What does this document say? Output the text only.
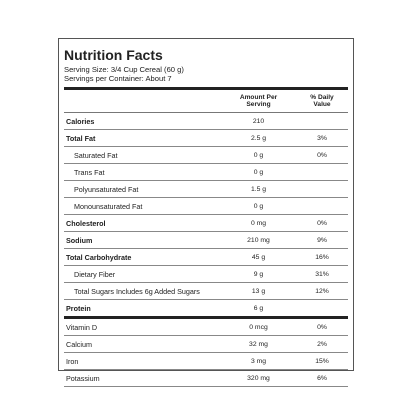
Nutrition Facts
Serving Size: 3/4 Cup Cereal (60 g)
Servings per Container: About 7
Amount Per
Serving
% Daily
Value
Calories	210
Total Fat	2.5 g	3%
Saturated Fat	0 g	0%
Trans Fat	0 g
Polyunsaturated Fat	1.5 g
Monounsaturated Fat	0 g
Cholesterol	0 mg	0%
Sodium	210 mg	9%
Total Carbohydrate	45 g	16%
Dietary Fiber	9 g	31%
Total Sugars Includes 6g Added Sugars	13 g	12%
Protein	6 g
Vitamin D	0 mcg	0%
Calcium	32 mg	2%
Iron	3 mg	15%
Potassium	320 mg	6%
